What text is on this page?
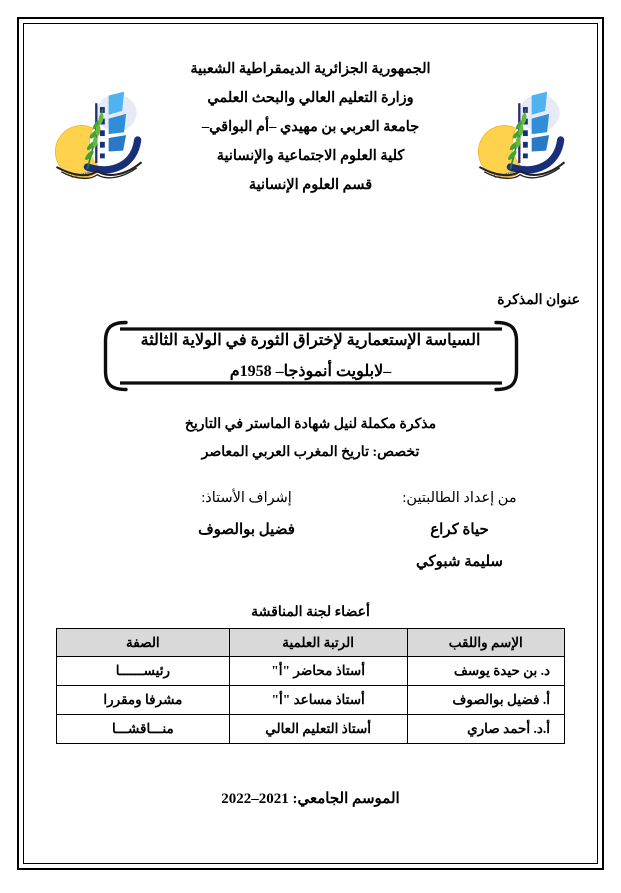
الجمهورية الجزائرية الديمقراطية الشعبية
وزارة التعليم العالي والبحث العلمي
جامعة العربي بن مهيدي –أم البواقي–
كلية العلوم الاجتماعية والإنسانية
قسم العلوم الإنسانية
عنوان المذكرة
السياسة الإستعمارية لإختراق الثورة في الولاية الثالثة
–لابلويت أنموذجا– 1958م
مذكرة مكملة لنيل شهادة الماستر في التاريخ
تخصص: تاريخ المغرب العربي المعاصر
من إعداد الطالبتين:
حياة كراع
سليمة شبوكي
إشراف الأستاذ:
فضيل بوالصوف
أعضاء لجنة المناقشة
الإسم واللقب	الرتبة العلمية	الصفة
د. بن حيدة يوسف	أستاذ محاضر "أ"	رئيســــــا
أ. فضيل بوالصوف	أستاذ مساعد "أ"	مشرفا ومقررا
أ.د. أحمد صاري	أستاذ التعليم العالي	منـــاقشـــا
الموسم الجامعي: 2021–2022
